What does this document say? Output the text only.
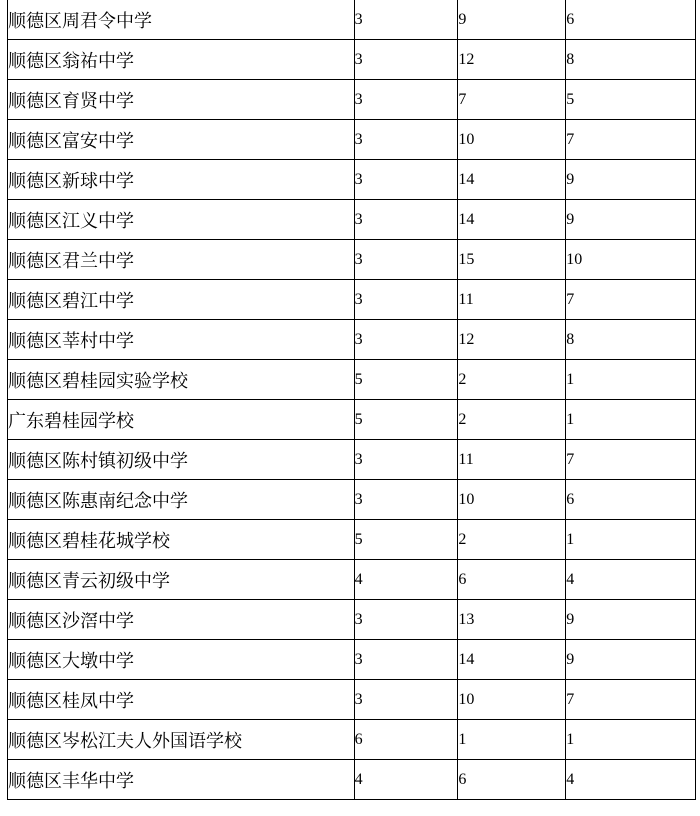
顺德区周君令中学	3	9	6
顺德区翁祐中学	3	12	8
顺德区育贤中学	3	7	5
顺德区富安中学	3	10	7
顺德区新球中学	3	14	9
顺德区江义中学	3	14	9
顺德区君兰中学	3	15	10
顺德区碧江中学	3	11	7
顺德区莘村中学	3	12	8
顺德区碧桂园实验学校	5	2	1
广东碧桂园学校	5	2	1
顺德区陈村镇初级中学	3	11	7
顺德区陈惠南纪念中学	3	10	6
顺德区碧桂花城学校	5	2	1
顺德区青云初级中学	4	6	4
顺德区沙滘中学	3	13	9
顺德区大墩中学	3	14	9
顺德区桂凤中学	3	10	7
顺德区岑松江夫人外国语学校	6	1	1
顺德区丰华中学	4	6	4
